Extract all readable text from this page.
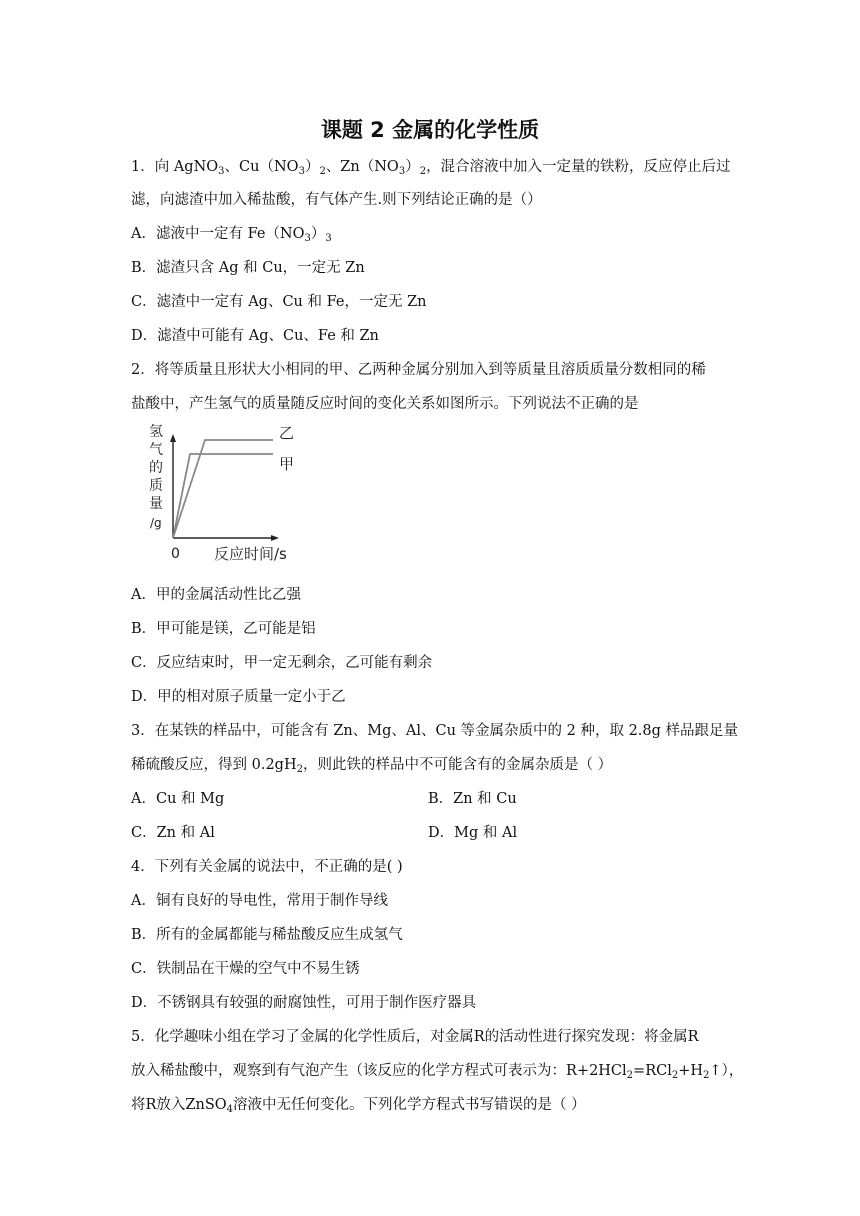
课题 2 金属的化学性质
1．向 AgNO$_3$、$Cu(NO_3)_2$、$Zn(NO_3)_2$，混合溶液中加入一定量的铁粉，反应停止后过
滤，向滤渣中加入稀盐酸，有气体产生.则下列结论正确的是（）
A．滤液中一定有 $Fe(NO_3)_3$
B．滤渣只含 Ag 和 Cu，一定无 Zn
C．滤渣中一定有 Ag、Cu 和 Fe，一定无 Zn
D．滤渣中可能有 Ag、Cu、Fe 和 Zn
2．将等质量且形状大小相同的甲、乙两种金属分别加入到等质量且溶质质量分数相同的稀
盐酸中，产生氢气的质量随反应时间的变化关系如图所示。下列说法不正确的是
氢
气
的
质
量
/g
0 反应时间/s
乙
甲
A．甲的金属活动性比乙强
B．甲可能是镁，乙可能是铝
C．反应结束时，甲一定无剩余，乙可能有剩余
D．甲的相对原子质量一定小于乙
3．在某铁的样品中，可能含有 Zn、Mg、Al、Cu 等金属杂质中的 2 种，取 2.8g 样品跟足量
稀硫酸反应，得到 $0.2gH_2$，则此铁的样品中不可能含有的金属杂质是（ ）
A．Cu 和 Mg	B．Zn 和 Cu
C．Zn 和 Al	D．Mg 和 Al
4．下列有关金属的说法中，不正确的是( )
A．铜有良好的导电性，常用于制作导线
B．所有的金属都能与稀盐酸反应生成氢气
C．铁制品在干燥的空气中不易生锈
D．不锈钢具有较强的耐腐蚀性，可用于制作医疗器具
5．化学趣味小组在学习了金属的化学性质后，对金属R的活动性进行探究发现：将金属R
放入稀盐酸中，观察到有气泡产生（该反应的化学方程式可表示为：$R+2HCl_2=RCl_2+H_2↑$），
将R放入ZnSO$_4$溶液中无任何变化。下列化学方程式书写错误的是（ ）
